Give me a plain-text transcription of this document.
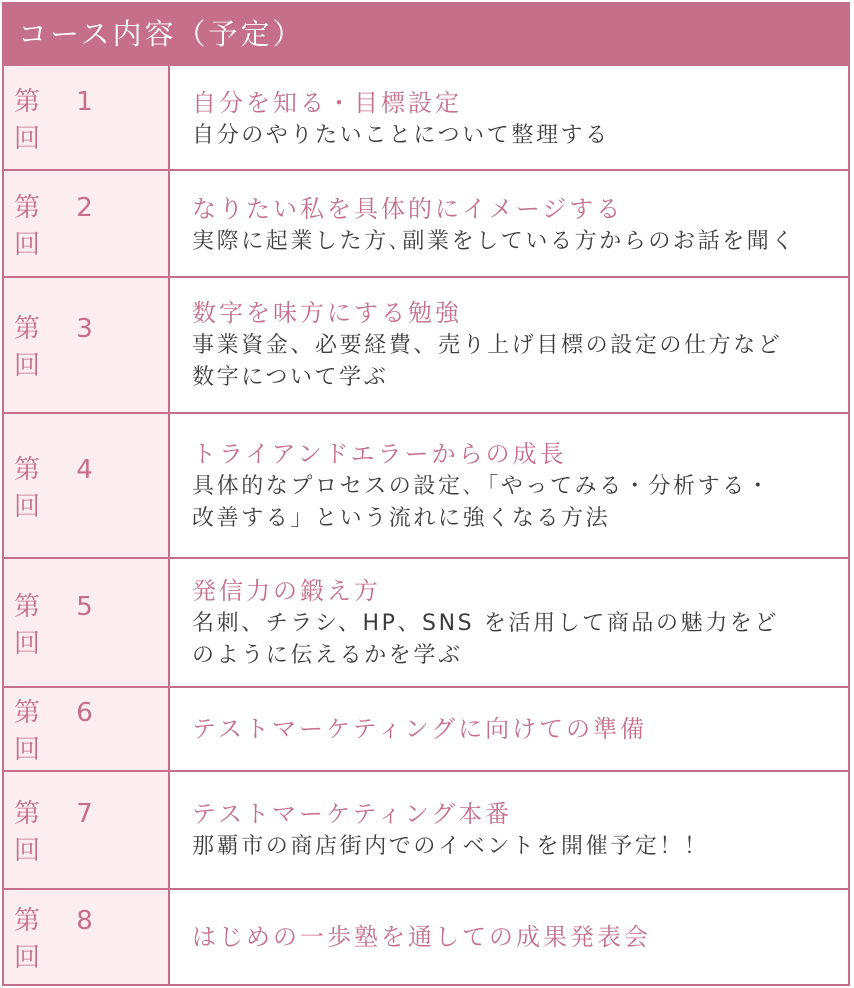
コース内容（予定）
第 1 回
自分を知る・目標設定
自分のやりたいことについて整理する
第 2 回
なりたい私を具体的にイメージする
実際に起業した方､副業をしている方からのお話を聞く
第 3 回
数字を味方にする勉強
事業資金、必要経費、売り上げ目標の設定の仕方など
数字について学ぶ
第 4 回
トライアンドエラーからの成長
具体的なプロセスの設定､「やってみる・分析する・
改善する」という流れに強くなる方法
第 5 回
発信力の鍛え方
名刺、チラシ、HP、SNS を活用して商品の魅力をど
のように伝えるかを学ぶ
第 6 回
テストマーケティングに向けての準備
第 7 回
テストマーケティング本番
那覇市の商店街内でのイベントを開催予定！！
第 8 回
はじめの一歩塾を通しての成果発表会
